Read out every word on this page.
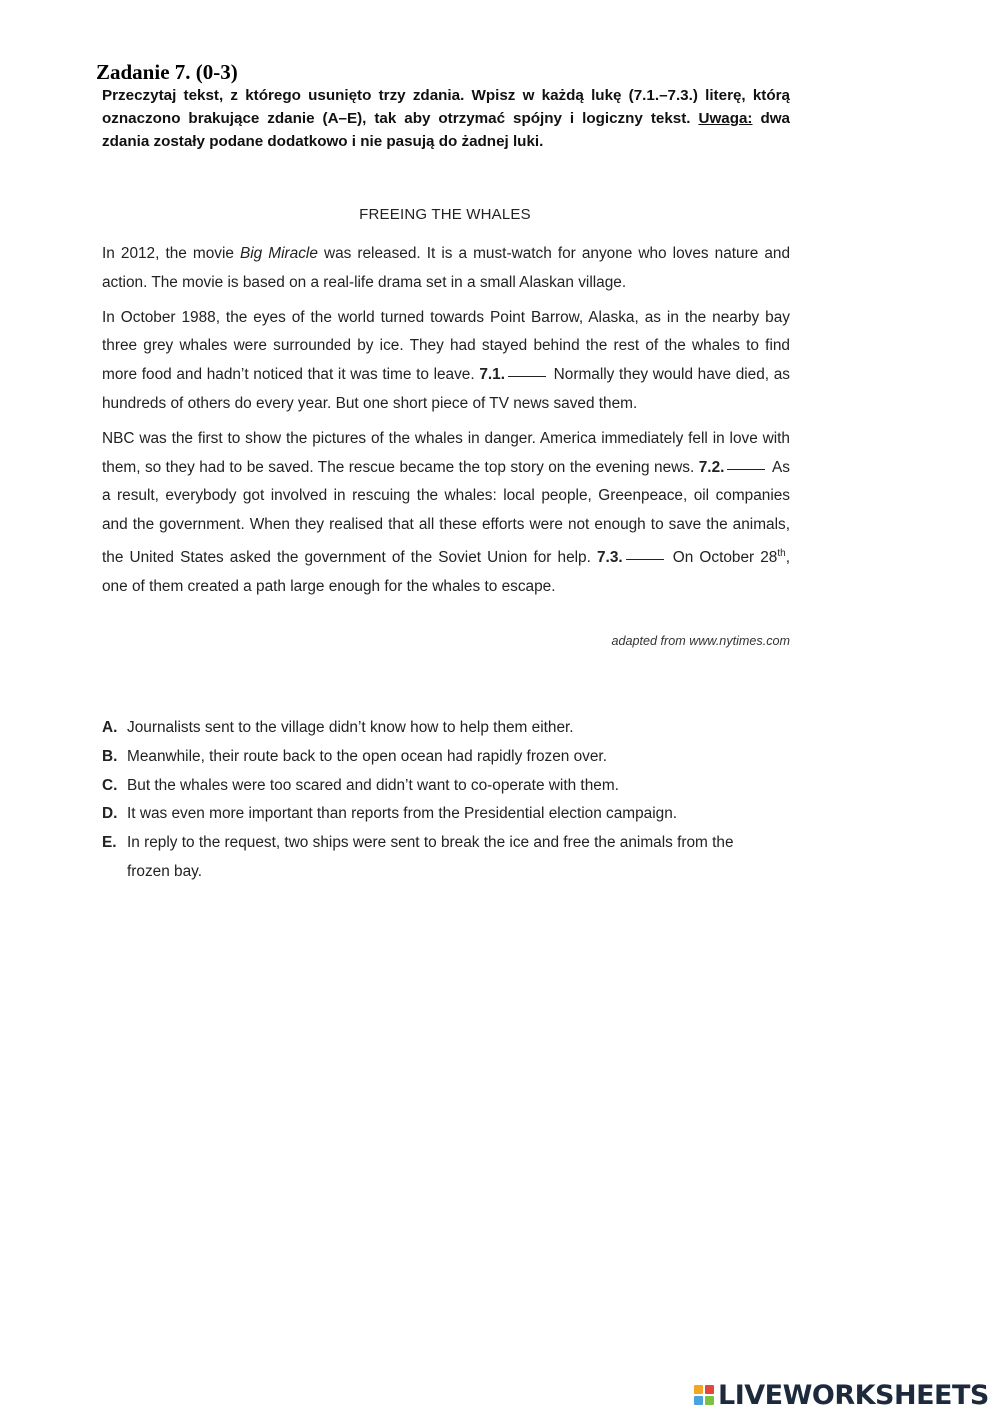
Zadanie 7. (0-3)
Przeczytaj tekst, z którego usunięto trzy zdania. Wpisz w każdą lukę (7.1.–7.3.) literę, którą oznaczono brakujące zdanie (A–E), tak aby otrzymać spójny i logiczny tekst. Uwaga: dwa zdania zostały podane dodatkowo i nie pasują do żadnej luki.
FREEING THE WHALES

In 2012, the movie Big Miracle was released. It is a must-watch for anyone who loves nature and action. The movie is based on a real-life drama set in a small Alaskan village.

In October 1988, the eyes of the world turned towards Point Barrow, Alaska, as in the nearby bay three grey whales were surrounded by ice. They had stayed behind the rest of the whales to find more food and hadn’t noticed that it was time to leave. 7.1.	Normally they would have died, as hundreds of others do every year. But one short piece of TV news saved them.

NBC was the first to show the pictures of the whales in danger. America immediately fell in love with them, so they had to be saved. The rescue became the top story on the evening news. 7.2.	As a result, everybody got involved in rescuing the whales: local people, Greenpeace, oil companies and the government. When they realised that all these efforts were not enough to save the animals, the United States asked the government of the Soviet Union for help. 7.3.	On October 28th, one of them created a path large enough for the whales to escape.

adapted from www.nytimes.com
A. Journalists sent to the village didn’t know how to help them either.
B. Meanwhile, their route back to the open ocean had rapidly frozen over.
C. But the whales were too scared and didn’t want to co-operate with them.
D. It was even more important than reports from the Presidential election campaign.
E. In reply to the request, two ships were sent to break the ice and free the animals from the frozen bay.
LIVEWORKSHEETS
